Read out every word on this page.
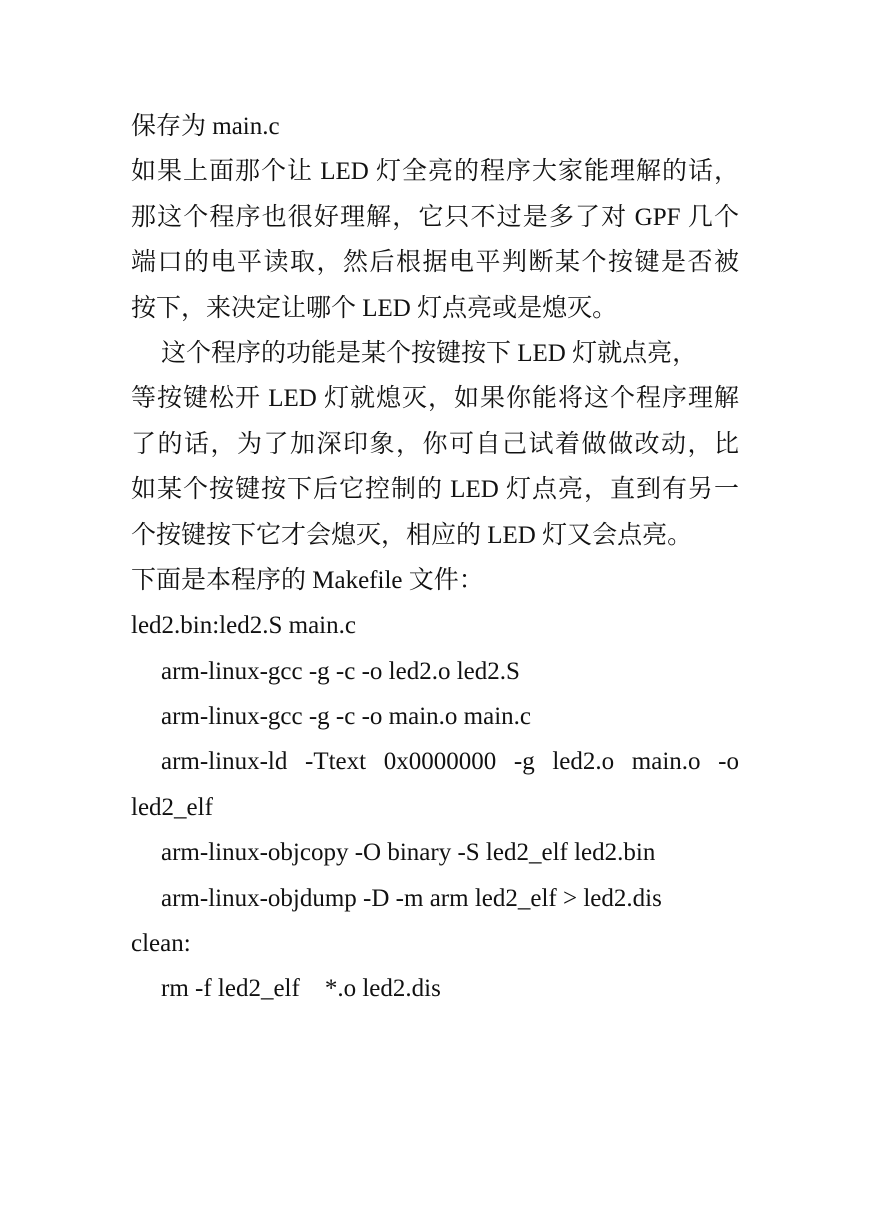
保存为 main.c
如果上面那个让 LED 灯全亮的程序大家能理解的话，
那这个程序也很好理解，它只不过是多了对 GPF 几个
端口的电平读取，然后根据电平判断某个按键是否被
按下，来决定让哪个 LED 灯点亮或是熄灭。
这个程序的功能是某个按键按下 LED 灯就点亮，
等按键松开 LED 灯就熄灭，如果你能将这个程序理解
了的话，为了加深印象，你可自己试着做做改动，比
如某个按键按下后它控制的 LED 灯点亮，直到有另一
个按键按下它才会熄灭，相应的 LED 灯又会点亮。
下面是本程序的 Makefile 文件：
led2.bin:led2.S main.c
arm-linux-gcc -g -c -o led2.o led2.S
arm-linux-gcc -g -c -o main.o main.c
arm-linux-ld -Ttext 0x0000000 -g led2.o main.o -o
led2_elf
arm-linux-objcopy -O binary -S led2_elf led2.bin
arm-linux-objdump -D -m arm led2_elf > led2.dis
clean:
rm -f led2_elf    *.o led2.dis
